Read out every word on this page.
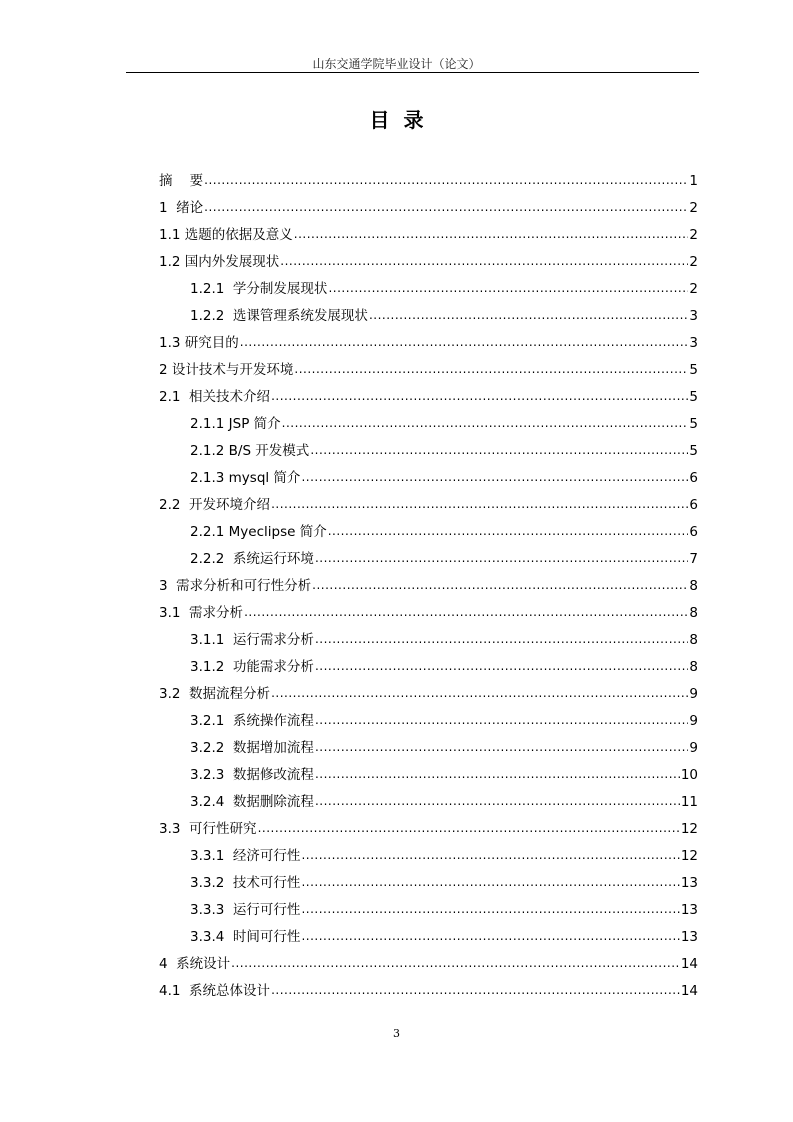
山东交通学院毕业设计（论文）
目  录
摘    要 .....	1
1  绪论 .....	2
1.1 选题的依据及意义 .....	2
1.2 国内外发展现状 .....	2
1.2.1  学分制发展现状 .....	2
1.2.2  选课管理系统发展现状 .....	3
1.3 研究目的 .....	3
2 设计技术与开发环境 .....	5
2.1  相关技术介绍 .....	5
2.1.1 JSP 简介 .....	5
2.1.2 B/S 开发模式 .....	5
2.1.3 mysql 简介 .....	6
2.2  开发环境介绍 .....	6
2.2.1 Myeclipse 简介 .....	6
2.2.2  系统运行环境 .....	7
3  需求分析和可行性分析 .....	8
3.1  需求分析 .....	8
3.1.1  运行需求分析 .....	8
3.1.2  功能需求分析 .....	8
3.2  数据流程分析 .....	9
3.2.1  系统操作流程 .....	9
3.2.2  数据增加流程 .....	9
3.2.3  数据修改流程 .....	10
3.2.4  数据删除流程 .....	11
3.3  可行性研究 .....	12
3.3.1  经济可行性 .....	12
3.3.2  技术可行性 .....	13
3.3.3  运行可行性 .....	13
3.3.4  时间可行性 .....	13
4  系统设计 .....	14
4.1  系统总体设计 .....	14
3
